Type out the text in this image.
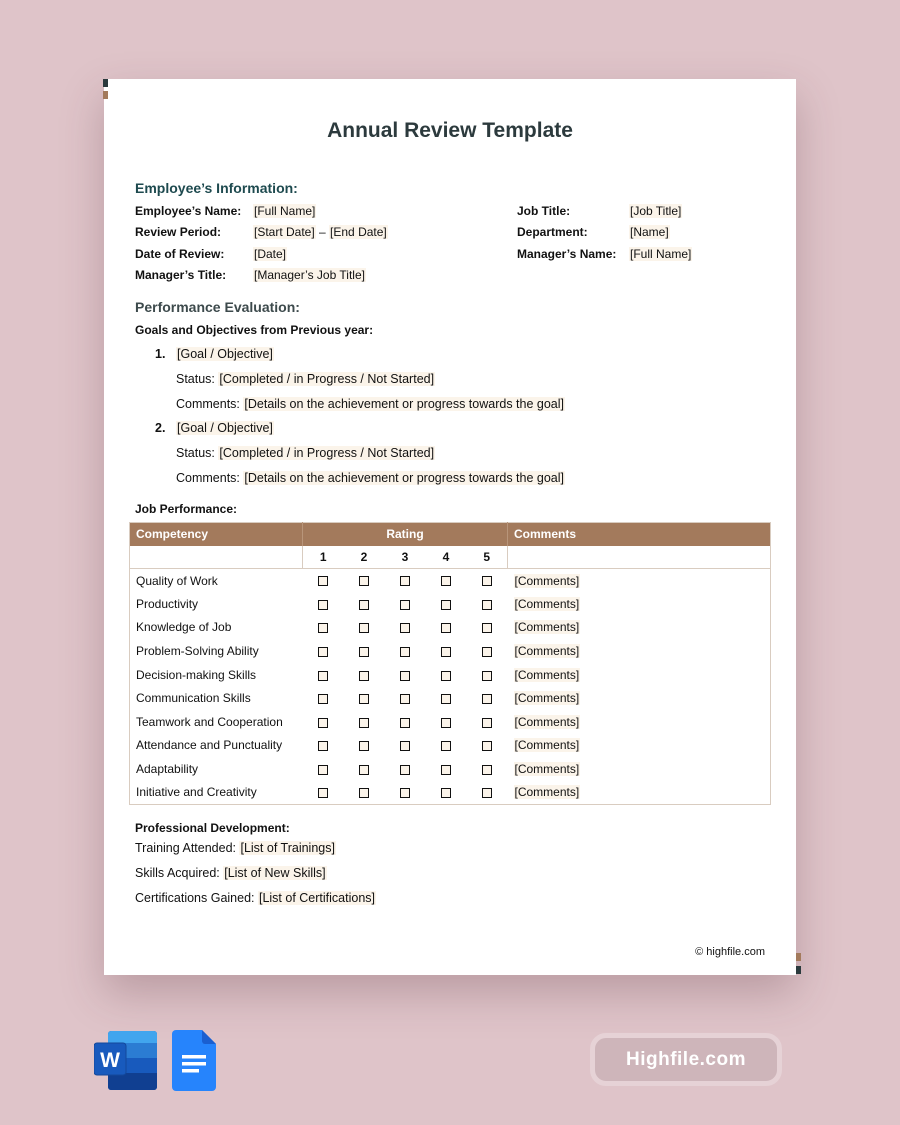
Annual Review Template
Employee’s Information:
Employee’s Name:	[Full Name]
Review Period:	[Start Date] – [End Date]
Date of Review:	[Date]
Manager’s Title:	[Manager’s Job Title]
Job Title:	[Job Title]
Department:	[Name]
Manager’s Name:	[Full Name]
Performance Evaluation:
Goals and Objectives from Previous year:
1. [Goal / Objective]
Status: [Completed / in Progress / Not Started]
Comments: [Details on the achievement or progress towards the goal]
2. [Goal / Objective]
Status: [Completed / in Progress / Not Started]
Comments: [Details on the achievement or progress towards the goal]
Job Performance:
Competency	Rating					Comments
	1	2	3	4	5	
Quality of Work						[Comments]
Productivity						[Comments]
Knowledge of Job						[Comments]
Problem-Solving Ability						[Comments]
Decision-making Skills						[Comments]
Communication Skills						[Comments]
Teamwork and Cooperation						[Comments]
Attendance and Punctuality						[Comments]
Adaptability						[Comments]
Initiative and Creativity						[Comments]
Professional Development:
Training Attended: [List of Trainings]
Skills Acquired: [List of New Skills]
Certifications Gained: [List of Certifications]
© highfile.com
W	Highfile.com
